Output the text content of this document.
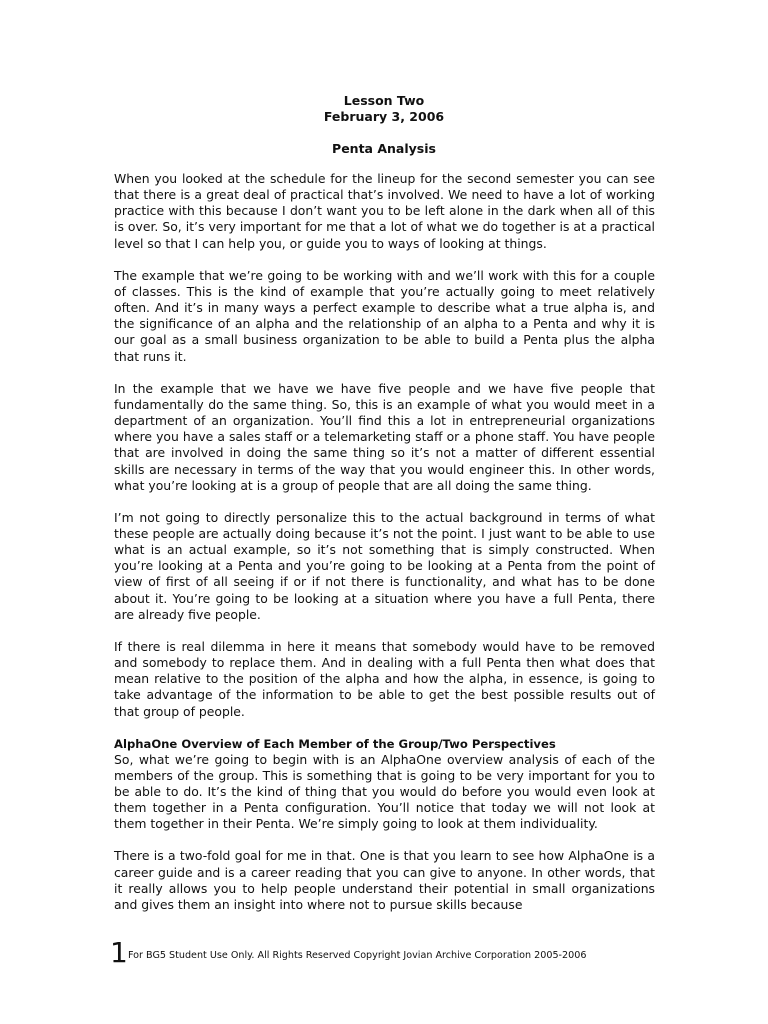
Lesson Two
February 3, 2006
Penta Analysis

When you looked at the schedule for the lineup for the second semester you can see that there is a great deal of practical that’s involved. We need to have a lot of working practice with this because I don’t want you to be left alone in the dark when all of this is over. So, it’s very important for me that a lot of what we do together is at a practical level so that I can help you, or guide you to ways of looking at things.

The example that we’re going to be working with and we’ll work with this for a couple of classes. This is the kind of example that you’re actually going to meet relatively often. And it’s in many ways a perfect example to describe what a true alpha is, and the significance of an alpha and the relationship of an alpha to a Penta and why it is our goal as a small business organization to be able to build a Penta plus the alpha that runs it.

In the example that we have we have five people and we have five people that fundamentally do the same thing. So, this is an example of what you would meet in a department of an organization. You’ll find this a lot in entrepreneurial organizations where you have a sales staff or a telemarketing staff or a phone staff. You have people that are involved in doing the same thing so it’s not a matter of different essential skills are necessary in terms of the way that you would engineer this. In other words, what you’re looking at is a group of people that are all doing the same thing.

I’m not going to directly personalize this to the actual background in terms of what these people are actually doing because it’s not the point. I just want to be able to use what is an actual example, so it’s not something that is simply constructed. When you’re looking at a Penta and you’re going to be looking at a Penta from the point of view of first of all seeing if or if not there is functionality, and what has to be done about it. You’re going to be looking at a situation where you have a full Penta, there are already five people.

If there is real dilemma in here it means that somebody would have to be removed and somebody to replace them. And in dealing with a full Penta then what does that mean relative to the position of the alpha and how the alpha, in essence, is going to take advantage of the information to be able to get the best possible results out of that group of people.

AlphaOne Overview of Each Member of the Group/Two Perspectives

So, what we’re going to begin with is an AlphaOne overview analysis of each of the members of the group. This is something that is going to be very important for you to be able to do. It’s the kind of thing that you would do before you would even look at them together in a Penta configuration. You’ll notice that today we will not look at them together in their Penta. We’re simply going to look at them individuality.

There is a two-fold goal for me in that. One is that you learn to see how AlphaOne is a career guide and is a career reading that you can give to anyone. In other words, that it really allows you to help people understand their potential in small organizations and gives them an insight into where not to pursue skills because

1 For BG5 Student Use Only. All Rights Reserved Copyright Jovian Archive Corporation 2005-2006
